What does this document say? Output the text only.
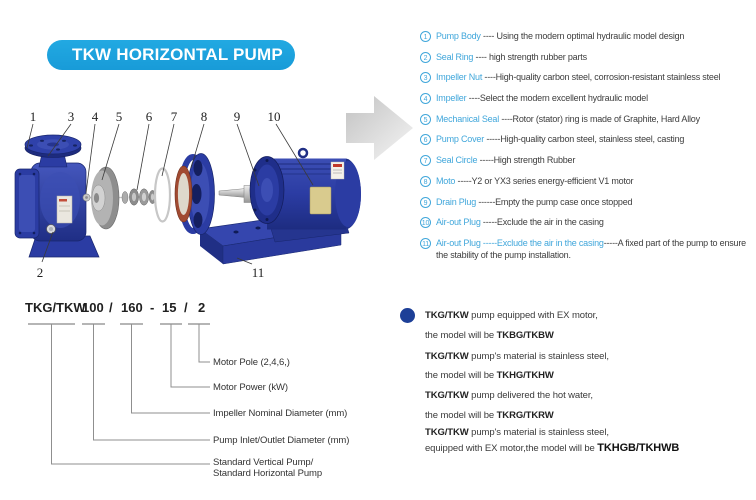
TKW HORIZONTAL PUMP
1 3 4 5 6 7 8 9 10
2	11
1 Pump Body ---- Using the modern optimal hydraulic model design
2 Seal Ring ---- high strength rubber parts
3 Impeller Nut ----High-quality carbon steel, corrosion-resistant stainless steel
4 Impeller ----Select the modern excellent hydraulic model
5 Mechanical Seal ----Rotor (stator) ring is made of Graphite, Hard Alloy
6 Pump Cover -----High-quality carbon steel, stainless steel, casting
7 Seal Circle -----High strength Rubber
8 Moto -----Y2 or YX3 series energy-efficient V1 motor
9 Drain Plug ------Empty the pump case once stopped
10 Air-out Plug -----Exclude the air in the casing
11 Air-out Plug -----Exclude the air in the casing-----A fixed part of the pump to ensure the stability of the pump installation.
TKG/TKW
100 / 160 - 15 / 2
Motor Pole (2,4,6,)
Motor Power (kW)
Impeller Nominal Diameter (mm)
Pump Inlet/Outlet Diameter (mm)
Standard Vertical Pump/
Standard Horizontal Pump
TKG/TKW pump equipped with EX motor,
the model will be TKBG/TKBW
TKG/TKW pump's material is stainless steel,
the model will be TKHG/TKHW
TKG/TKW pump delivered the hot water,
the model will be TKRG/TKRW
TKG/TKW pump's material is stainless steel,
equipped with EX motor,the model will be TKHGB/TKHWB
